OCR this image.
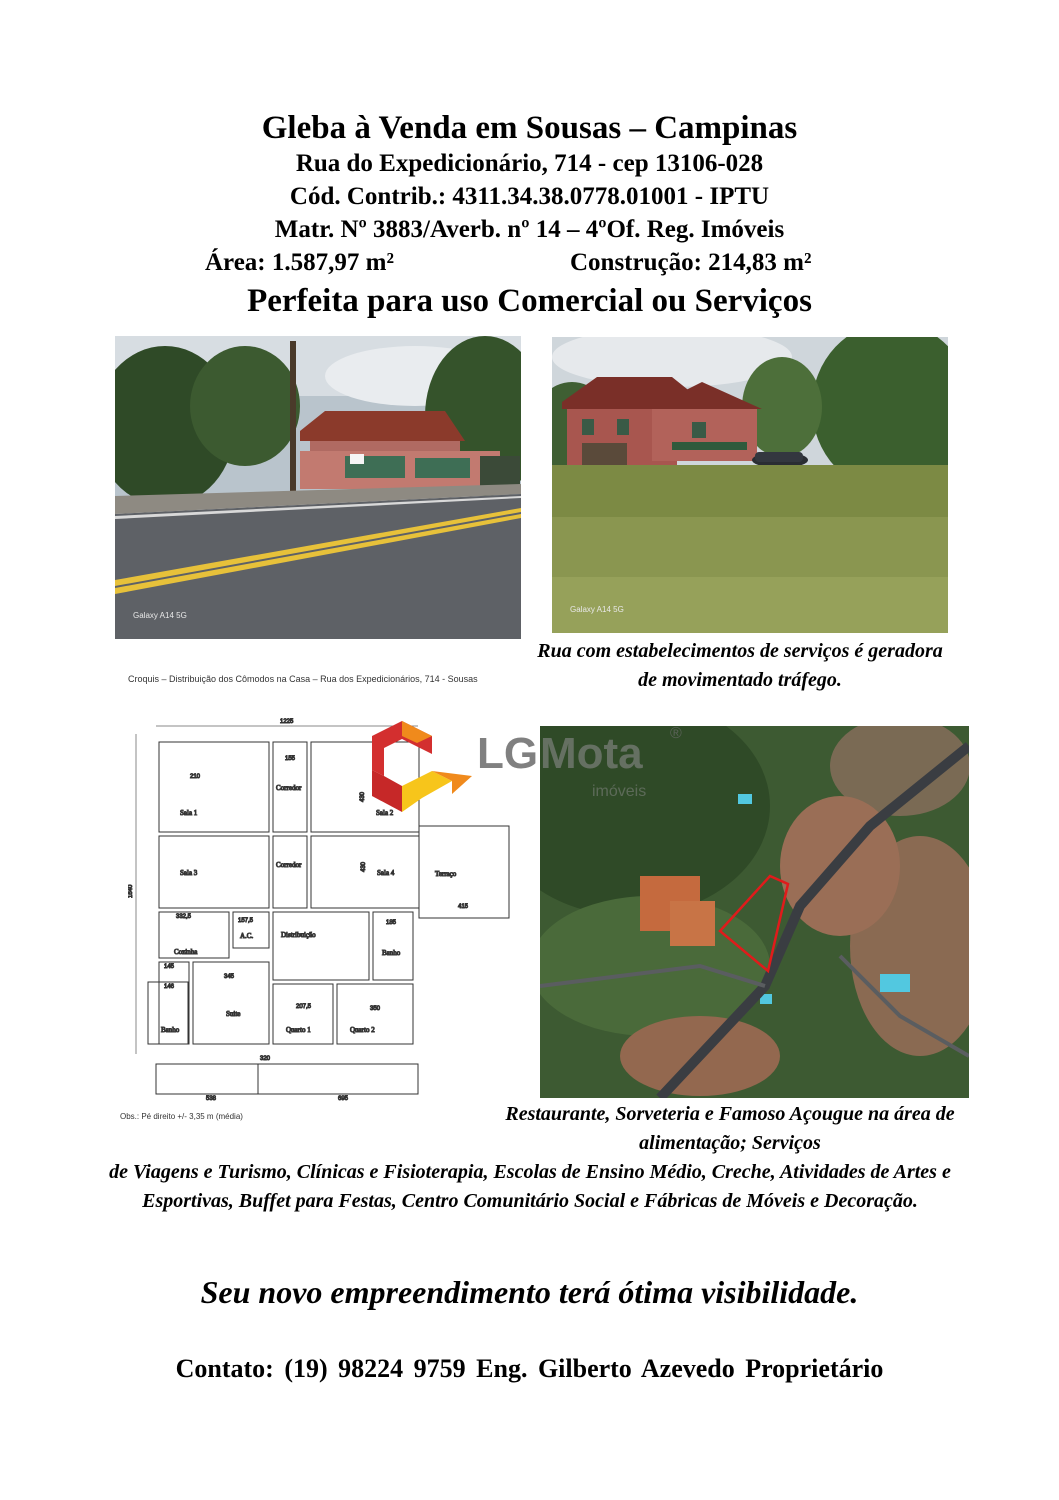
Gleba à Venda em Sousas – Campinas
Rua do Expedicionário, 714 - cep 13106-028
Cód. Contrib.: 4311.34.38.0778.01001 - IPTU
Matr. Nº 3883/Averb. nº 14 – 4ºOf. Reg. Imóveis
Área: 1.587,97 m²	Construção: 214,83 m²
Perfeita para uso Comercial ou Serviços
Galaxy A14 5G
Galaxy A14 5G
Rua com estabelecimentos de serviços é geradora de movimentado tráfego.
Croquis – Distribuição dos Cômodos na Casa – Rua dos Expedicionários, 714 - Sousas
1225
1640
210
Sala 1
155
Corredor
430
Sala 2
Sala 3
Corredor	430
Sala 4	Terraço
415
332,5
Cozinha
157,5
A.C.	Distribuição
185
Banho
145
146
Banho
345
Suite
207,5
Quarto 1
350
Quarto 2
538	695
320
Obs.: Pé direito +/- 3,35 m (média)
LG Mota ®
imóveis
Restaurante, Sorveteria e Famoso Açougue na área de alimentação; Serviços
de Viagens e Turismo, Clínicas e Fisioterapia, Escolas de Ensino Médio, Creche, Atividades de Artes e Esportivas, Buffet para Festas, Centro Comunitário Social e Fábricas de Móveis e Decoração.
Seu novo empreendimento terá ótima visibilidade.
Contato: (19) 98224 9759 Eng. Gilberto Azevedo Proprietário
